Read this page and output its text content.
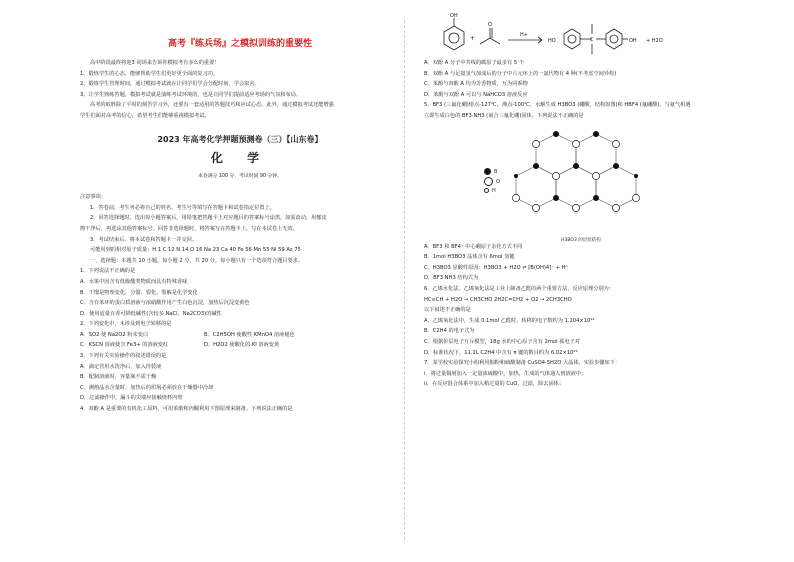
高考『练兵场』之模拟训练的重要性
高中阶段最终将迎3 同场来告诉你模拟考有多么的重要！
1、锻炼学生的心态，能够帮助学生们更好更全面的复习功。
2、锻炼学生管理时间，通过模拟考试就在让同学们学会分配时间，学会取舍。
3、让学生熟练答题，模拟考试就是演练考试环境的，也是让同学们提前适应考场的气氛和布局。
高考的取胜除了平时的刻苦学习外，还要有一套适用的答题技巧和应试心态。此外，通过模拟考试还能增强
学生们面对高考的信心，希望考生们能够重视模拟考试。
2023 年高考化学押题预测卷（三）【山东卷】
化 学
本卷满分 100 分，考试时间 90 分钟。
注意事项：
1．答卷前，考生务必将自己的姓名、考生号等填写在答题卡和试卷指定位置上。
2．回答选择题时，选出每小题答案后，用铅笔把答题卡上对应题目的答案标号涂黑。如需改动，用橡皮
擦干净后，再选涂其他答案标号。回答非选择题时，将答案写在答题卡上。写在本试卷上无效。
3．考试结束后，将本试卷和答题卡一并交回。
可能用到的相对原子质量：H 1 C 12 N 14 O 16 Na 23 Ca 40 Fe 56 Mn 55 Ni 59 As 75
一、选择题：本题共 10 小题，每小题 2 分，共 20 分。每小题只有一个选项符合题目要求。
1．下列说法不正确的是
A．水果中因含有低级酯类物质而具有特殊香味
B．干馏是物理变化，分馏、裂化、裂解是化学变化
C．含有苯环的蛋白质溶液与浓硝酸作用产生白色沉淀，加热后沉淀变黄色
D．使用适量百香可降低碱性(含较多 NaCl、Na2CO3)的碱性
2．下列变化中，未涉及到电子转移的是
A．SO2 使 Na2O2 粉末变白	B．C2H5OH 使酸性 KMnO4 溶液褪色
C．KSCN 溶液使含 Fe3+ 的溶液变红	D．H2O2 使酸化的 KI 溶液变黄
3．下列有关实验操作的叙述错误的是
A．滴定管用水洗净后，加入待装液
B．配制溶液时，容量瓶不需干燥
C．测熔晶水含量时，加热后的坩埚必须放在干燥器中冷却
D．过滤操作中，漏斗的尖端应接触烧杯内壁
4．双酚 A 是重要的有机化工原料，可用苯酚和丙酮利用下图原理来制备。下列说法正确的是
OH
+
O
HO	C	OH
H+
+ H2O
A．双酚 A 分子中共线的碳原子最多有 5 个
B．双酚 A 与足量氢气加成后的分子中六元环上的一氯代物有 4 种(不考虑空间异构)
C．苯酚与双酚 A 均为芳香物质，互为同系物
D．苯酚与双酚 A 可以与 NaHCO3 溶液反应
5．BF3 (三氟化硼)熔点-127℃，沸点-100℃，水解生成 H3BO3 (硼酸，结构如图)和 HBF4 (氟硼酸)，与氨气相遇
立即生成白色的 BF3·NH3 (氨合三氟化硼)固体。下列说法不正确的是
B
O
H
H3BO3 的层状结构
A．BF3 和 BF4⁻ 中心硼原子杂化方式不同
B．1mol H3BO3 晶体含有 6mol 氢键
C．H3BO3 显酸性原因：H3BO3 + H2O ⇌ [B(OH)4]⁻ + H⁺
D．BF3·NH3 结构式为
6．乙烯水化法、乙烯氧化法是工业上制备乙醛的两个重要方法，反应原理分别为：
HC≡CH + H2O → CH3CHO 2H2C=CH2 + O2 → 2CH3CHO
以下叙述不正确的是
A．乙烯氧化法中，生成 0.1mol 乙醛时，转移的电子数约为 1.204×10²³
B．C2H4 的电子式为
C．根据价层电子互斥模型，18g 水的中心原子含有 2mol 孤电子对
D．标准状况下，11.2L C2H4 中含有 π 键的数目约为 6.02×10²³
7．某学校实验探究小组利用铜粉和硫酸制备 CuSO4·5H2O 大晶体，实验步骤如下：
i．将过量铜屑加入一定量浓硫酸中，加热，生成的气体通入到溶液中；
ii．在反应混合体系中加入稍过量的 CuO，过滤，除去固体；
